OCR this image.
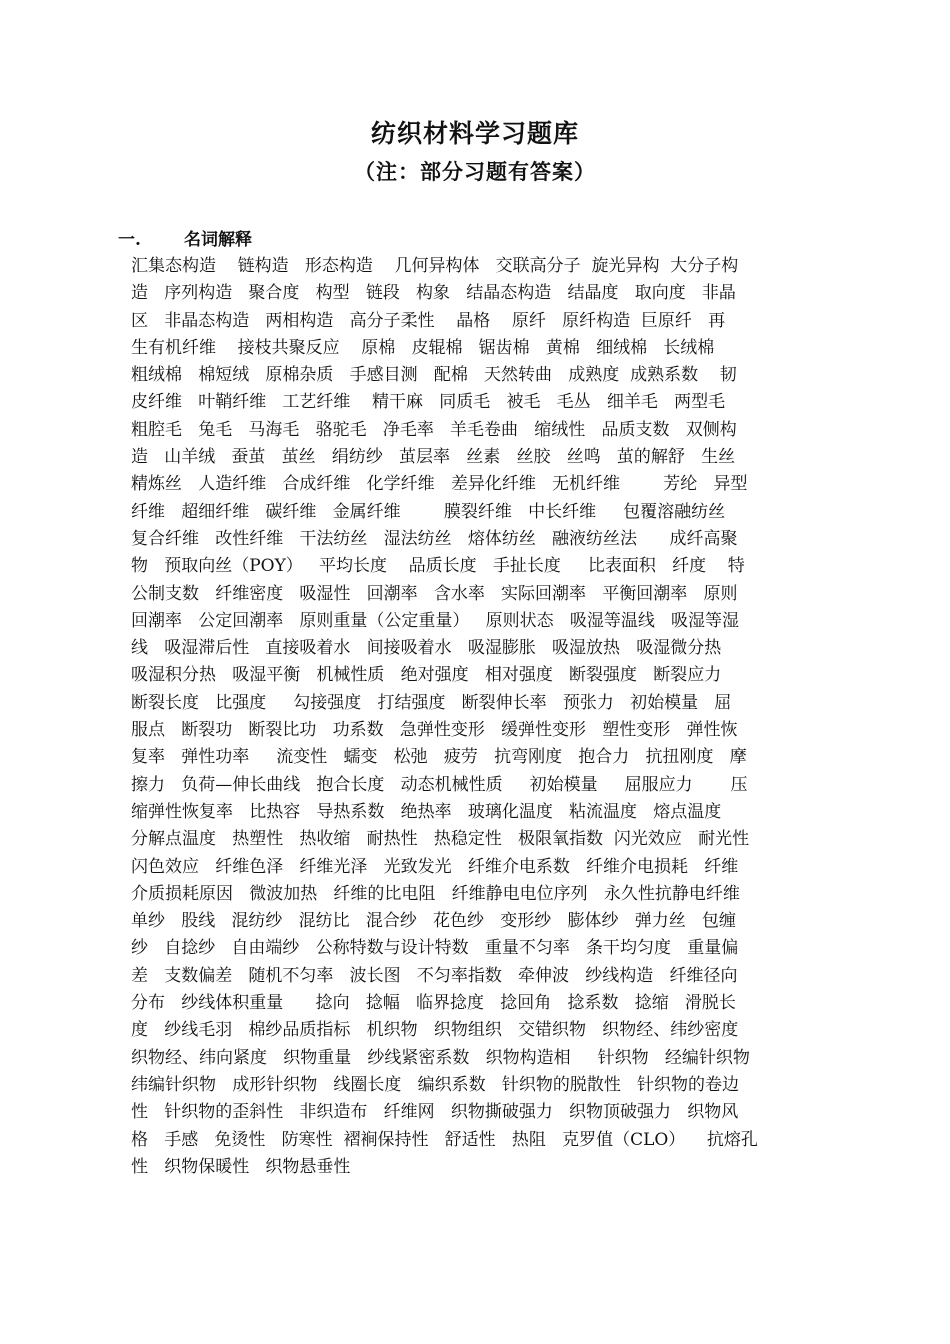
纺织材料学习题库
（注：部分习题有答案）
一.	名词解释
汇集态构造    链构造   形态构造    几何异构体   交联高分子  旋光异构  大分子构
造   序列构造   聚合度   构型   链段   构象   结晶态构造   结晶度   取向度   非晶
区   非晶态构造   两相构造   高分子柔性    晶格    原纤   原纤构造  巨原纤   再
生有机纤维    接枝共聚反应    原棉   皮辊棉   锯齿棉   黄棉   细绒棉   长绒棉
粗绒棉   棉短绒   原棉杂质   手感目测   配棉   天然转曲   成熟度  成熟系数    韧
皮纤维   叶鞘纤维   工艺纤维    精干麻   同质毛   被毛   毛丛   细羊毛   两型毛
粗腔毛   兔毛   马海毛   骆驼毛   净毛率   羊毛卷曲   缩绒性   品质支数   双侧构
造   山羊绒   蚕茧   茧丝   绢纺纱   茧层率   丝素   丝胶   丝鸣   茧的解舒   生丝
精炼丝   人造纤维   合成纤维   化学纤维   差异化纤维   无机纤维        芳纶   异型
纤维   超细纤维   碳纤维   金属纤维        膜裂纤维   中长纤维     包覆溶融纺丝
复合纤维   改性纤维   干法纺丝   湿法纺丝   熔体纺丝   融液纺丝法      成纤高聚
物   预取向丝（POY）   平均长度    品质长度   手扯长度     比表面积   纤度    特
公制支数   纤维密度   吸湿性   回潮率   含水率   实际回潮率   平衡回潮率   原则
回潮率   公定回潮率   原则重量（公定重量）   原则状态   吸湿等温线   吸湿等湿
线   吸湿滞后性   直接吸着水   间接吸着水   吸湿膨胀   吸湿放热   吸湿微分热
吸湿积分热   吸湿平衡   机械性质   绝对强度   相对强度   断裂强度   断裂应力
断裂长度   比强度     勾接强度   打结强度   断裂伸长率   预张力   初始模量   屈
服点   断裂功   断裂比功   功系数   急弹性变形   缓弹性变形   塑性变形   弹性恢
复率   弹性功率     流变性   蠕变   松弛   疲劳   抗弯刚度   抱合力   抗扭刚度   摩
擦力   负荷—伸长曲线   抱合长度   动态机械性质     初始模量     屈服应力       压
缩弹性恢复率   比热容   导热系数   绝热率   玻璃化温度   粘流温度   熔点温度
分解点温度   热塑性   热收缩   耐热性   热稳定性   极限氧指数  闪光效应   耐光性
闪色效应   纤维色泽   纤维光泽   光致发光   纤维介电系数   纤维介电损耗   纤维
介质损耗原因   微波加热   纤维的比电阻   纤维静电电位序列   永久性抗静电纤维
单纱   股线   混纺纱   混纺比   混合纱   花色纱   变形纱   膨体纱   弹力丝   包缠
纱   自捻纱   自由端纱   公称特数与设计特数   重量不匀率   条干均匀度   重量偏
差   支数偏差   随机不匀率   波长图   不匀率指数   牵伸波   纱线构造   纤维径向
分布   纱线体积重量      捻向   捻幅   临界捻度   捻回角   捻系数   捻缩   滑脱长
度   纱线毛羽   棉纱品质指标   机织物   织物组织   交错织物   织物经、纬纱密度
织物经、纬向紧度   织物重量   纱线紧密系数   织物构造相     针织物   经编针织物
纬编针织物   成形针织物   线圈长度   编织系数   针织物的脱散性   针织物的卷边
性   针织物的歪斜性   非织造布   纤维网   织物撕破强力   织物顶破强力   织物风
格   手感   免烫性   防寒性  褶裥保持性   舒适性   热阻   克罗值（CLO）    抗熔孔
性   织物保暖性   织物悬垂性
